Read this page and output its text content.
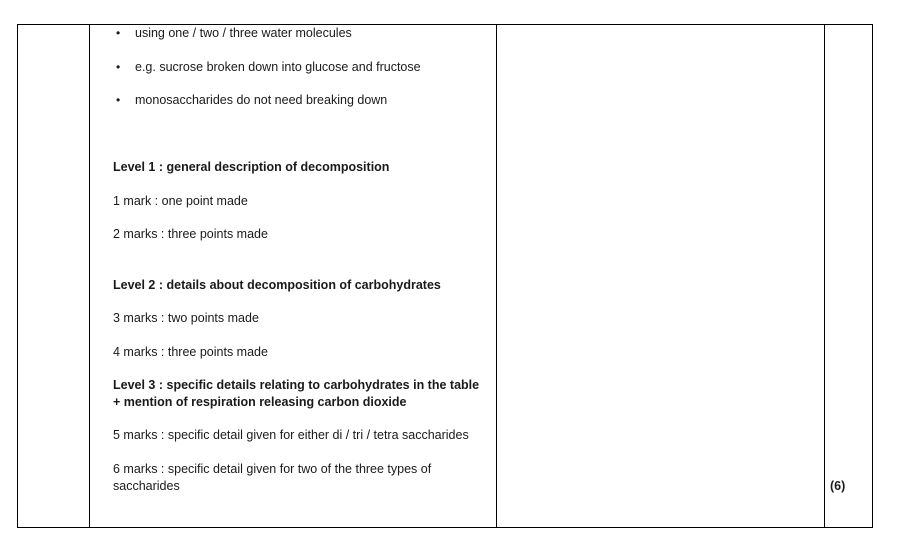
• using one / two / three water molecules
• e.g. sucrose broken down into glucose and fructose
• monosaccharides do not need breaking down
Level 1 : general description of decomposition
1 mark : one point made
2 marks : three points made
Level 2 : details about decomposition of carbohydrates
3 marks : two points made
4 marks : three points made
Level 3 : specific details relating to carbohydrates in the table
+ mention of respiration releasing carbon dioxide
5 marks : specific detail given for either di / tri / tetra saccharides
6 marks : specific detail given for two of the three types of
saccharides	(6)
